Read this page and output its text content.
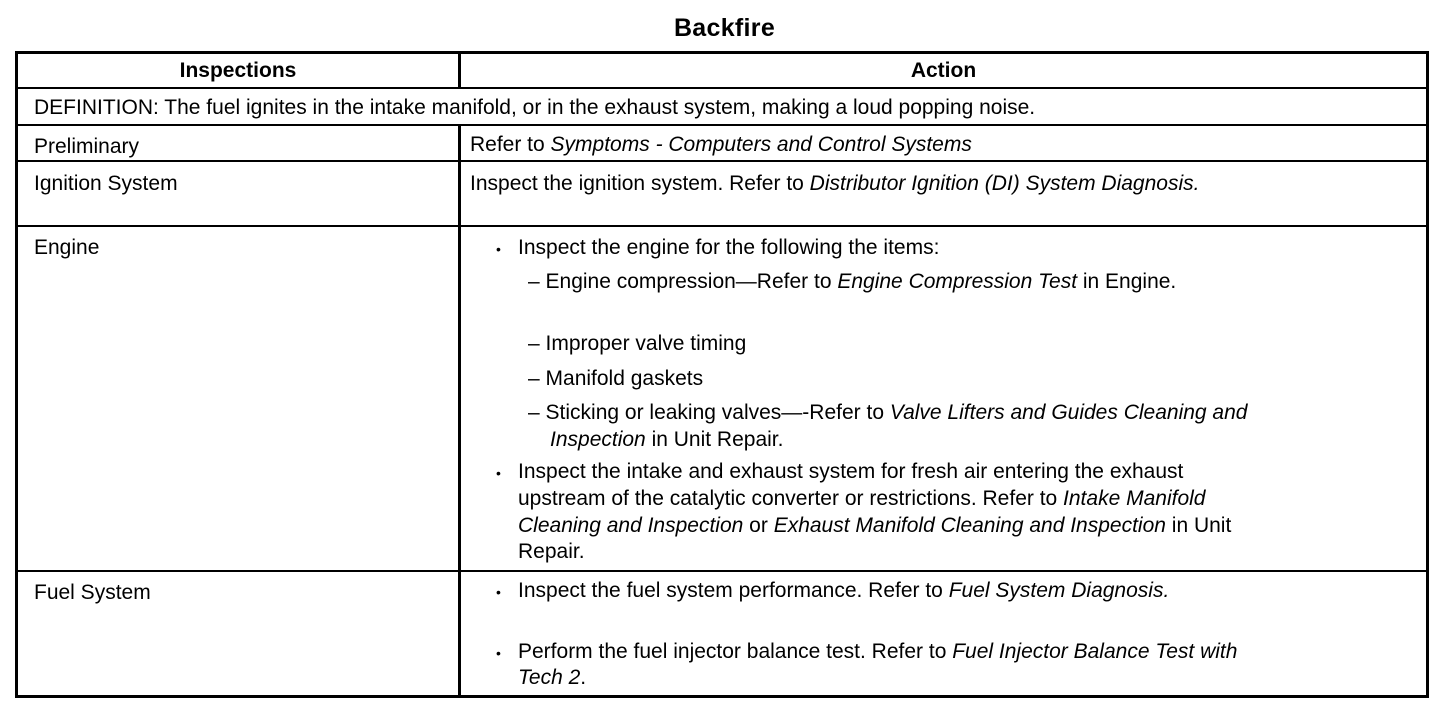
Backfire
Inspections	Action
DEFINITION: The fuel ignites in the intake manifold, or in the exhaust system, making a loud popping noise.
Preliminary	Refer to Symptoms - Computers and Control Systems
Ignition System	Inspect the ignition system. Refer to Distributor Ignition (DI) System Diagnosis.
Engine	• Inspect the engine for the following the items:
– Engine compression—Refer to Engine Compression Test in Engine.
– Improper valve timing
– Manifold gaskets
– Sticking or leaking valves—-Refer to Valve Lifters and Guides Cleaning and
Inspection in Unit Repair.
• Inspect the intake and exhaust system for fresh air entering the exhaust
upstream of the catalytic converter or restrictions. Refer to Intake Manifold
Cleaning and Inspection or Exhaust Manifold Cleaning and Inspection in Unit
Repair.
Fuel System	• Inspect the fuel system performance. Refer to Fuel System Diagnosis.
• Perform the fuel injector balance test. Refer to Fuel Injector Balance Test with
Tech 2.
